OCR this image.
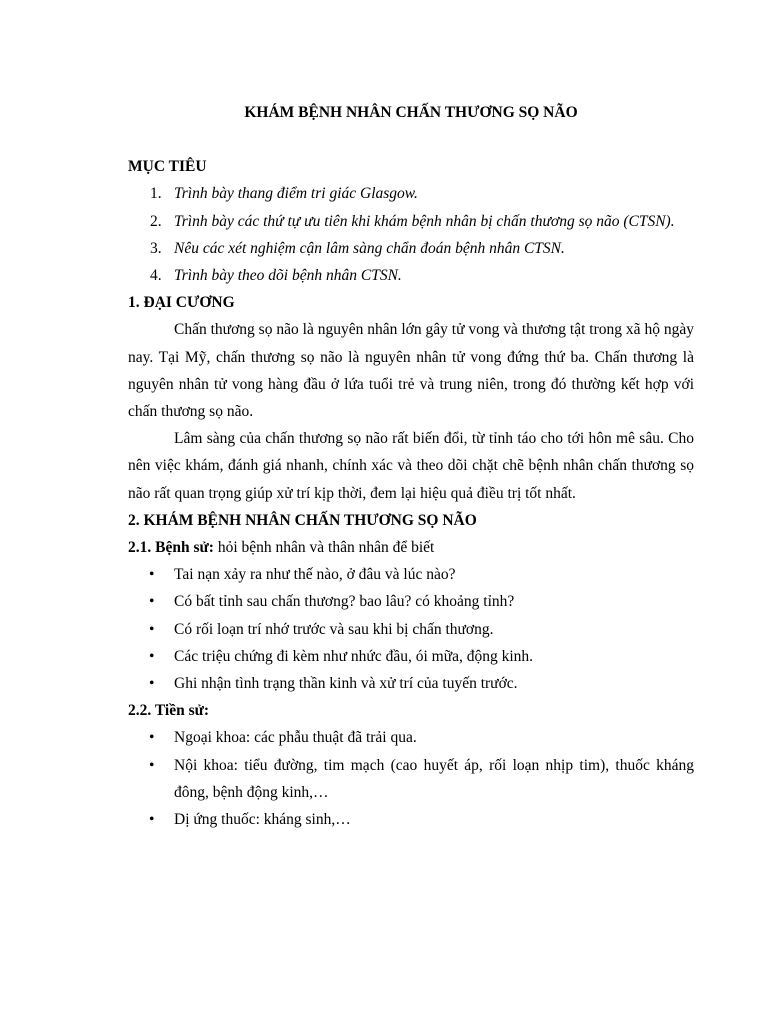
KHÁM BỆNH NHÂN CHẤN THƯƠNG SỌ NÃO

MỤC TIÊU

1. Trình bày thang điểm tri giác Glasgow.
2. Trình bày các thứ tự ưu tiên khi khám bệnh nhân bị chấn thương sọ não (CTSN).
3. Nêu các xét nghiệm cận lâm sàng chẩn đoán bệnh nhân CTSN.
4. Trình bày theo dõi bệnh nhân CTSN.

1. ĐẠI CƯƠNG

Chấn thương sọ não là nguyên nhân lớn gây tử vong và thương tật trong xã hộ ngày nay. Tại Mỹ, chấn thương sọ não là nguyên nhân tử vong đứng thứ ba. Chấn thương là nguyên nhân tử vong hàng đầu ở lứa tuổi trẻ và trung niên, trong đó thường kết hợp với chấn thương sọ não.

Lâm sàng của chấn thương sọ não rất biến đổi, từ tỉnh táo cho tới hôn mê sâu. Cho nên việc khám, đánh giá nhanh, chính xác và theo dõi chặt chẽ bệnh nhân chấn thương sọ não rất quan trọng giúp xử trí kịp thời, đem lại hiệu quả điều trị tốt nhất.

2. KHÁM BỆNH NHÂN CHẤN THƯƠNG SỌ NÃO

2.1. Bệnh sử: hỏi bệnh nhân và thân nhân để biết

• Tai nạn xảy ra như thế nào, ở đâu và lúc nào?
• Có bất tỉnh sau chấn thương? bao lâu? có khoảng tỉnh?
• Có rối loạn trí nhớ trước và sau khi bị chấn thương.
• Các triệu chứng đi kèm như nhức đầu, ói mữa, động kinh.
• Ghi nhận tình trạng thần kinh và xử trí của tuyến trước.

2.2. Tiền sử:

• Ngoại khoa: các phẫu thuật đã trải qua.
• Nội khoa: tiểu đường, tim mạch (cao huyết áp, rối loạn nhịp tim), thuốc kháng đông, bệnh động kinh,…
• Dị ứng thuốc: kháng sinh,…
